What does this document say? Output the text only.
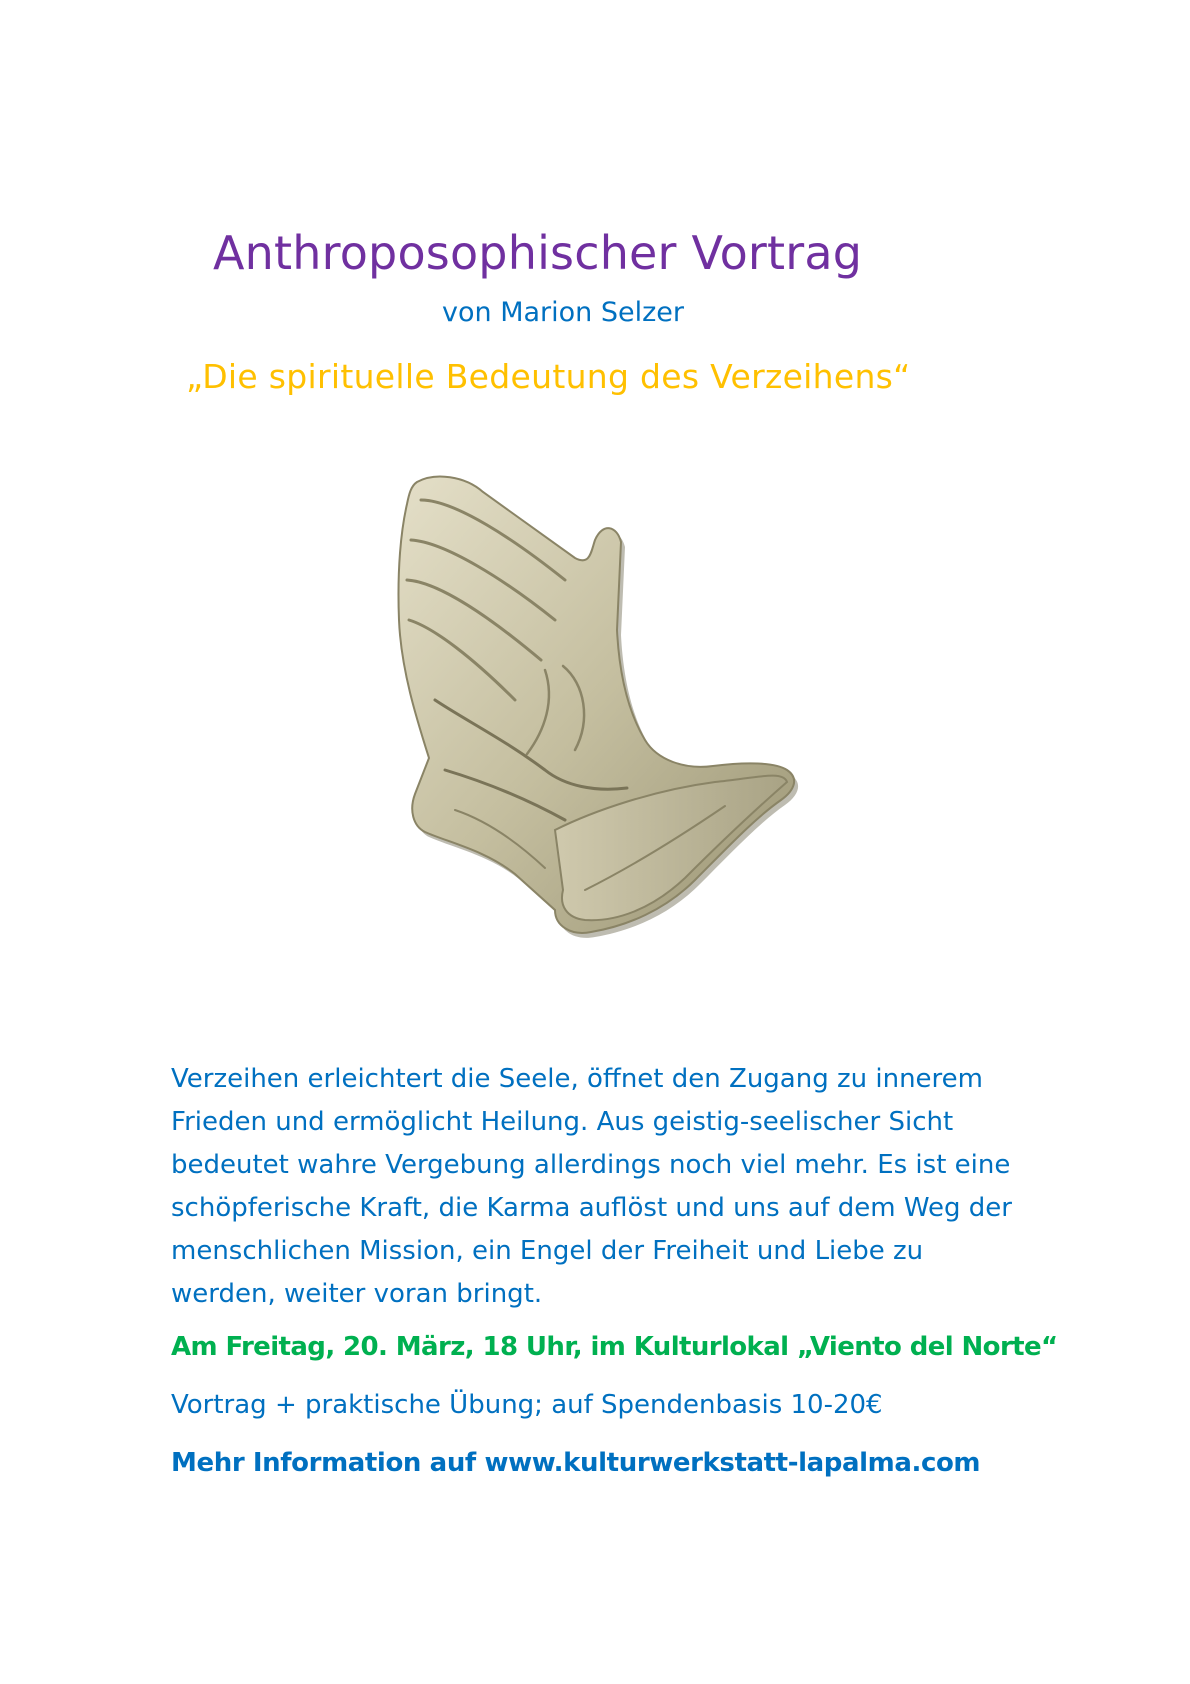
Anthroposophischer Vortrag
von Marion Selzer
„Die spirituelle Bedeutung des Verzeihens“
Verzeihen erleichtert die Seele, öffnet den Zugang zu innerem
Frieden und ermöglicht Heilung. Aus geistig-seelischer Sicht
bedeutet wahre Vergebung allerdings noch viel mehr. Es ist eine
schöpferische Kraft, die Karma auflöst und uns auf dem Weg der
menschlichen Mission, ein Engel der Freiheit und Liebe zu
werden, weiter voran bringt.
Am Freitag, 20. März, 18 Uhr, im Kulturlokal „Viento del Norte“
Vortrag + praktische Übung; auf Spendenbasis 10-20€
Mehr Information auf www.kulturwerkstatt-lapalma.com
